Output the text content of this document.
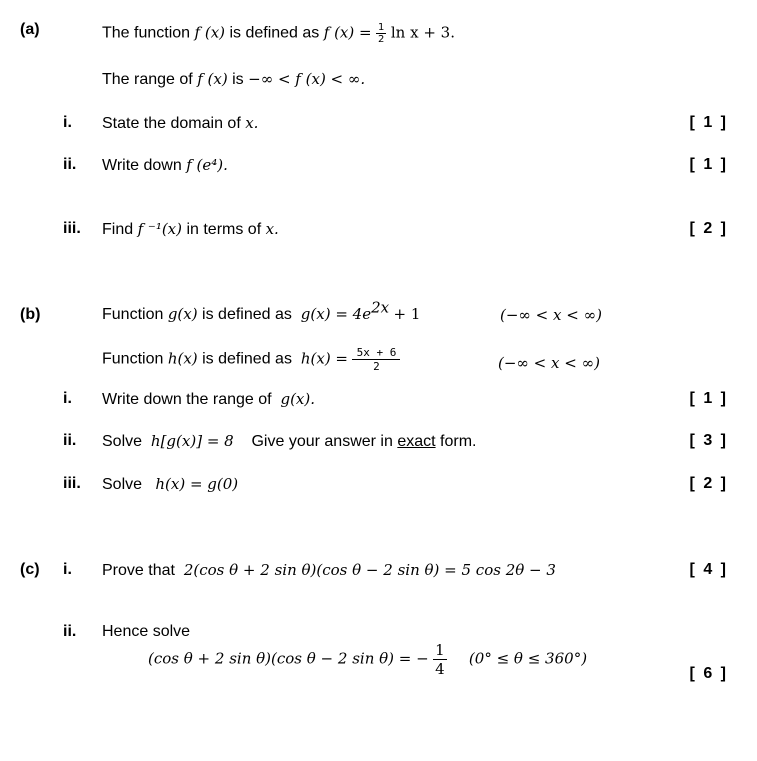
(a)	The function f (x) is defined as f $(x) = \frac{1}{2}$ ln x + 3.
The range of f (x) is −∞ < f (x) < ∞.
i. State the domain of x.	[ 1 ]
ii. Write down f (e⁴).	[ 1 ]
iii. Find f ⁻¹(x) in terms of x.	[ 2 ]
(b)	Function g(x) is defined as $g(x) = 4e^{2x} + 1$	(−∞ < x < ∞)
Function h(x) is defined as $h(x) = \frac{5x + 6}{2}$	(−∞ < x < ∞)
i. Write down the range of g(x).	[ 1 ]
ii. Solve h[g(x)] = 8 Give your answer in exact form.	[ 3 ]
iii. Solve h(x) = g(0)	[ 2 ]
(c) i. Prove that 2(cos θ + 2 sin θ)(cos θ − 2 sin θ) = 5 cos 2θ − 3	[ 4 ]
ii. Hence solve
(cos θ + 2 sin θ)(cos θ − 2 sin θ) = − $\frac{1}{4} (0^\circ \le \theta \le 360^\circ)$
[ 6 ]
